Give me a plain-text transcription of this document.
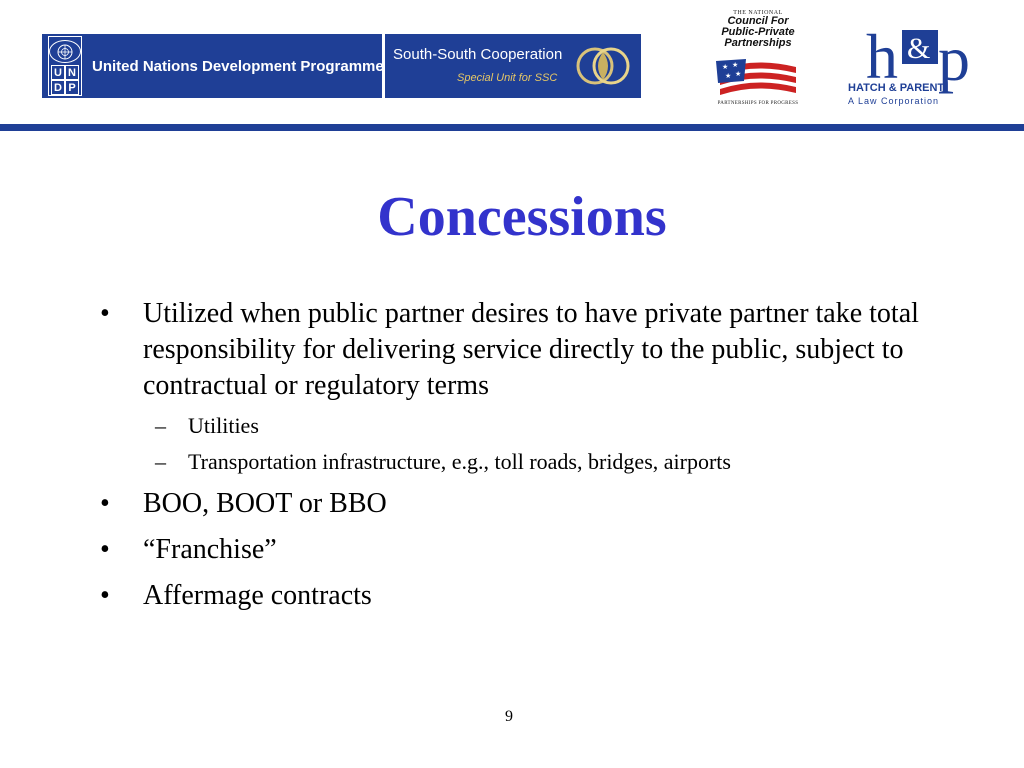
U N
D P
United Nations Development Programme
South-South Cooperation
Special Unit for SSC
THE NATIONAL
Council For
Public-Private
Partnerships
★ ★
★ ★
PARTNERSHIPS FOR PROGRESS
h & p
HATCH & PARENT
A Law Corporation
Concessions
• Utilized when public partner desires to have private partner take total responsibility for delivering service directly to the public, subject to contractual or regulatory terms
– Utilities
– Transportation infrastructure, e.g., toll roads, bridges, airports
• BOO, BOOT or BBO
• “Franchise”
• Affermage contracts
9
